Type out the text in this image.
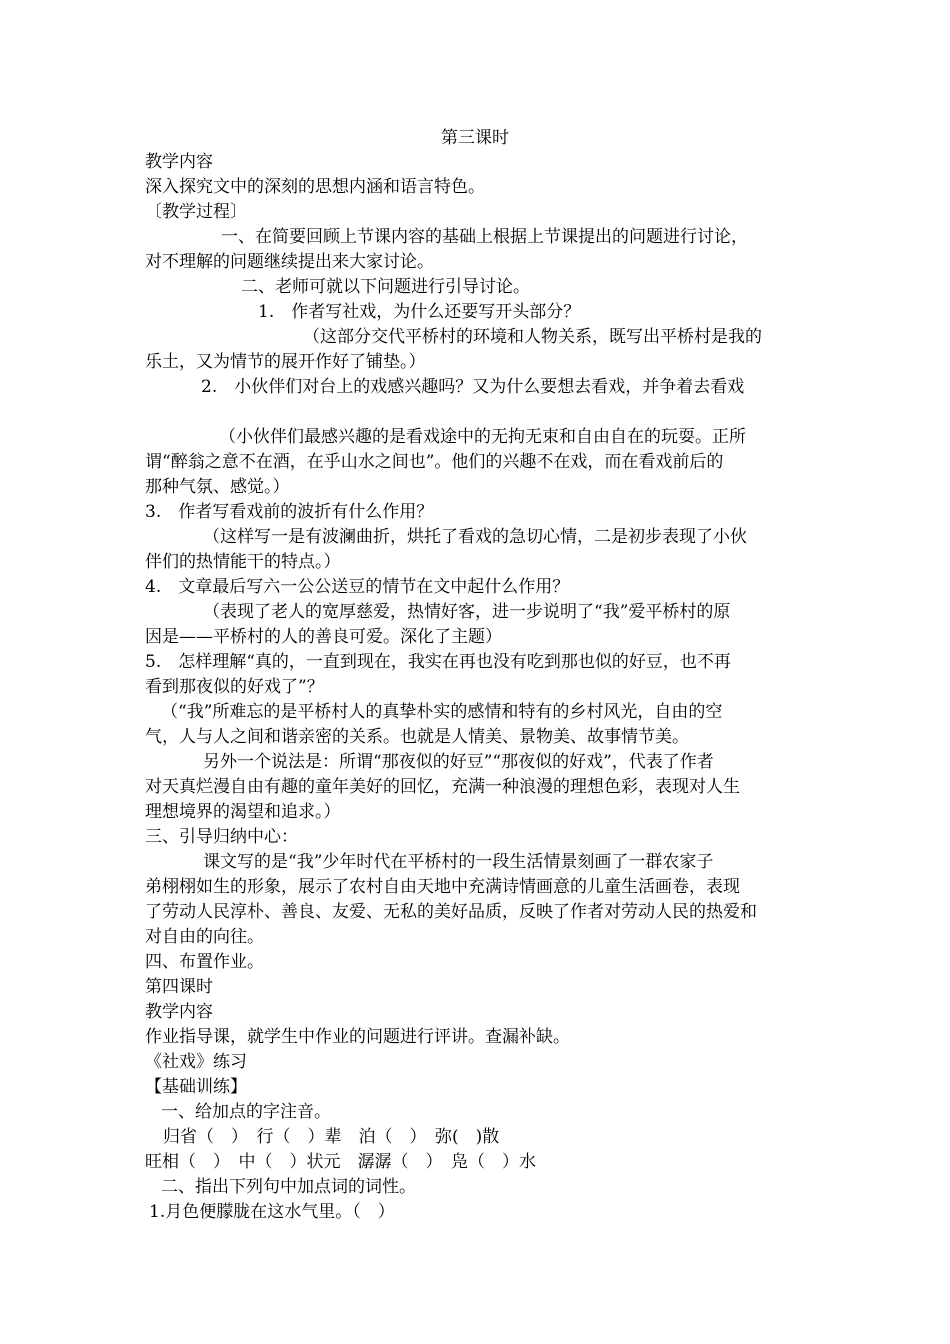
第三课时
教学内容
深入探究文中的深刻的思想内涵和语言特色。
〔教学过程〕
一、在简要回顾上节课内容的基础上根据上节课提出的问题进行讨论，
对不理解的问题继续提出来大家讨论。
二、老师可就以下问题进行引导讨论。
1.　作者写社戏，为什么还要写开头部分？
（这部分交代平桥村的环境和人物关系，既写出平桥村是我的
乐土，又为情节的展开作好了铺垫。）
2.　小伙伴们对台上的戏感兴趣吗？又为什么要想去看戏，并争着去看戏
（小伙伴们最感兴趣的是看戏途中的无拘无束和自由自在的玩耍。正所
谓“醉翁之意不在酒，在乎山水之间也”。他们的兴趣不在戏，而在看戏前后的
那种气氛、感觉。）
3.　作者写看戏前的波折有什么作用？
（这样写一是有波澜曲折，烘托了看戏的急切心情，二是初步表现了小伙
伴们的热情能干的特点。）
4.　文章最后写六一公公送豆的情节在文中起什么作用？
（表现了老人的宽厚慈爱，热情好客，进一步说明了“我”爱平桥村的原
因是——平桥村的人的善良可爱。深化了主题）
5.　怎样理解“真的，一直到现在，我实在再也没有吃到那也似的好豆，也不再
看到那夜似的好戏了”？
（“我”所难忘的是平桥村人的真挚朴实的感情和特有的乡村风光，自由的空
气，人与人之间和谐亲密的关系。也就是人情美、景物美、故事情节美。
另外一个说法是：所谓“那夜似的好豆”“那夜似的好戏”，代表了作者
对天真烂漫自由有趣的童年美好的回忆，充满一种浪漫的理想色彩，表现对人生
理想境界的渴望和追求。）
三、引导归纳中心：
课文写的是“我”少年时代在平桥村的一段生活情景刻画了一群农家子
弟栩栩如生的形象，展示了农村自由天地中充满诗情画意的儿童生活画卷，表现
了劳动人民淳朴、善良、友爱、无私的美好品质，反映了作者对劳动人民的热爱和
对自由的向往。
四、布置作业。
第四课时
教学内容
作业指导课，就学生中作业的问题进行评讲。查漏补缺。
《社戏》练习
【基础训练】
一、给加点的字注音。
归省（　）　行（　）辈　泊（　）　弥(　)散
旺相（　）　中（　）状元　潺潺（　）　凫（　）水
二、指出下列句中加点词的词性。
1.月色便朦胧在这水气里。（　）
